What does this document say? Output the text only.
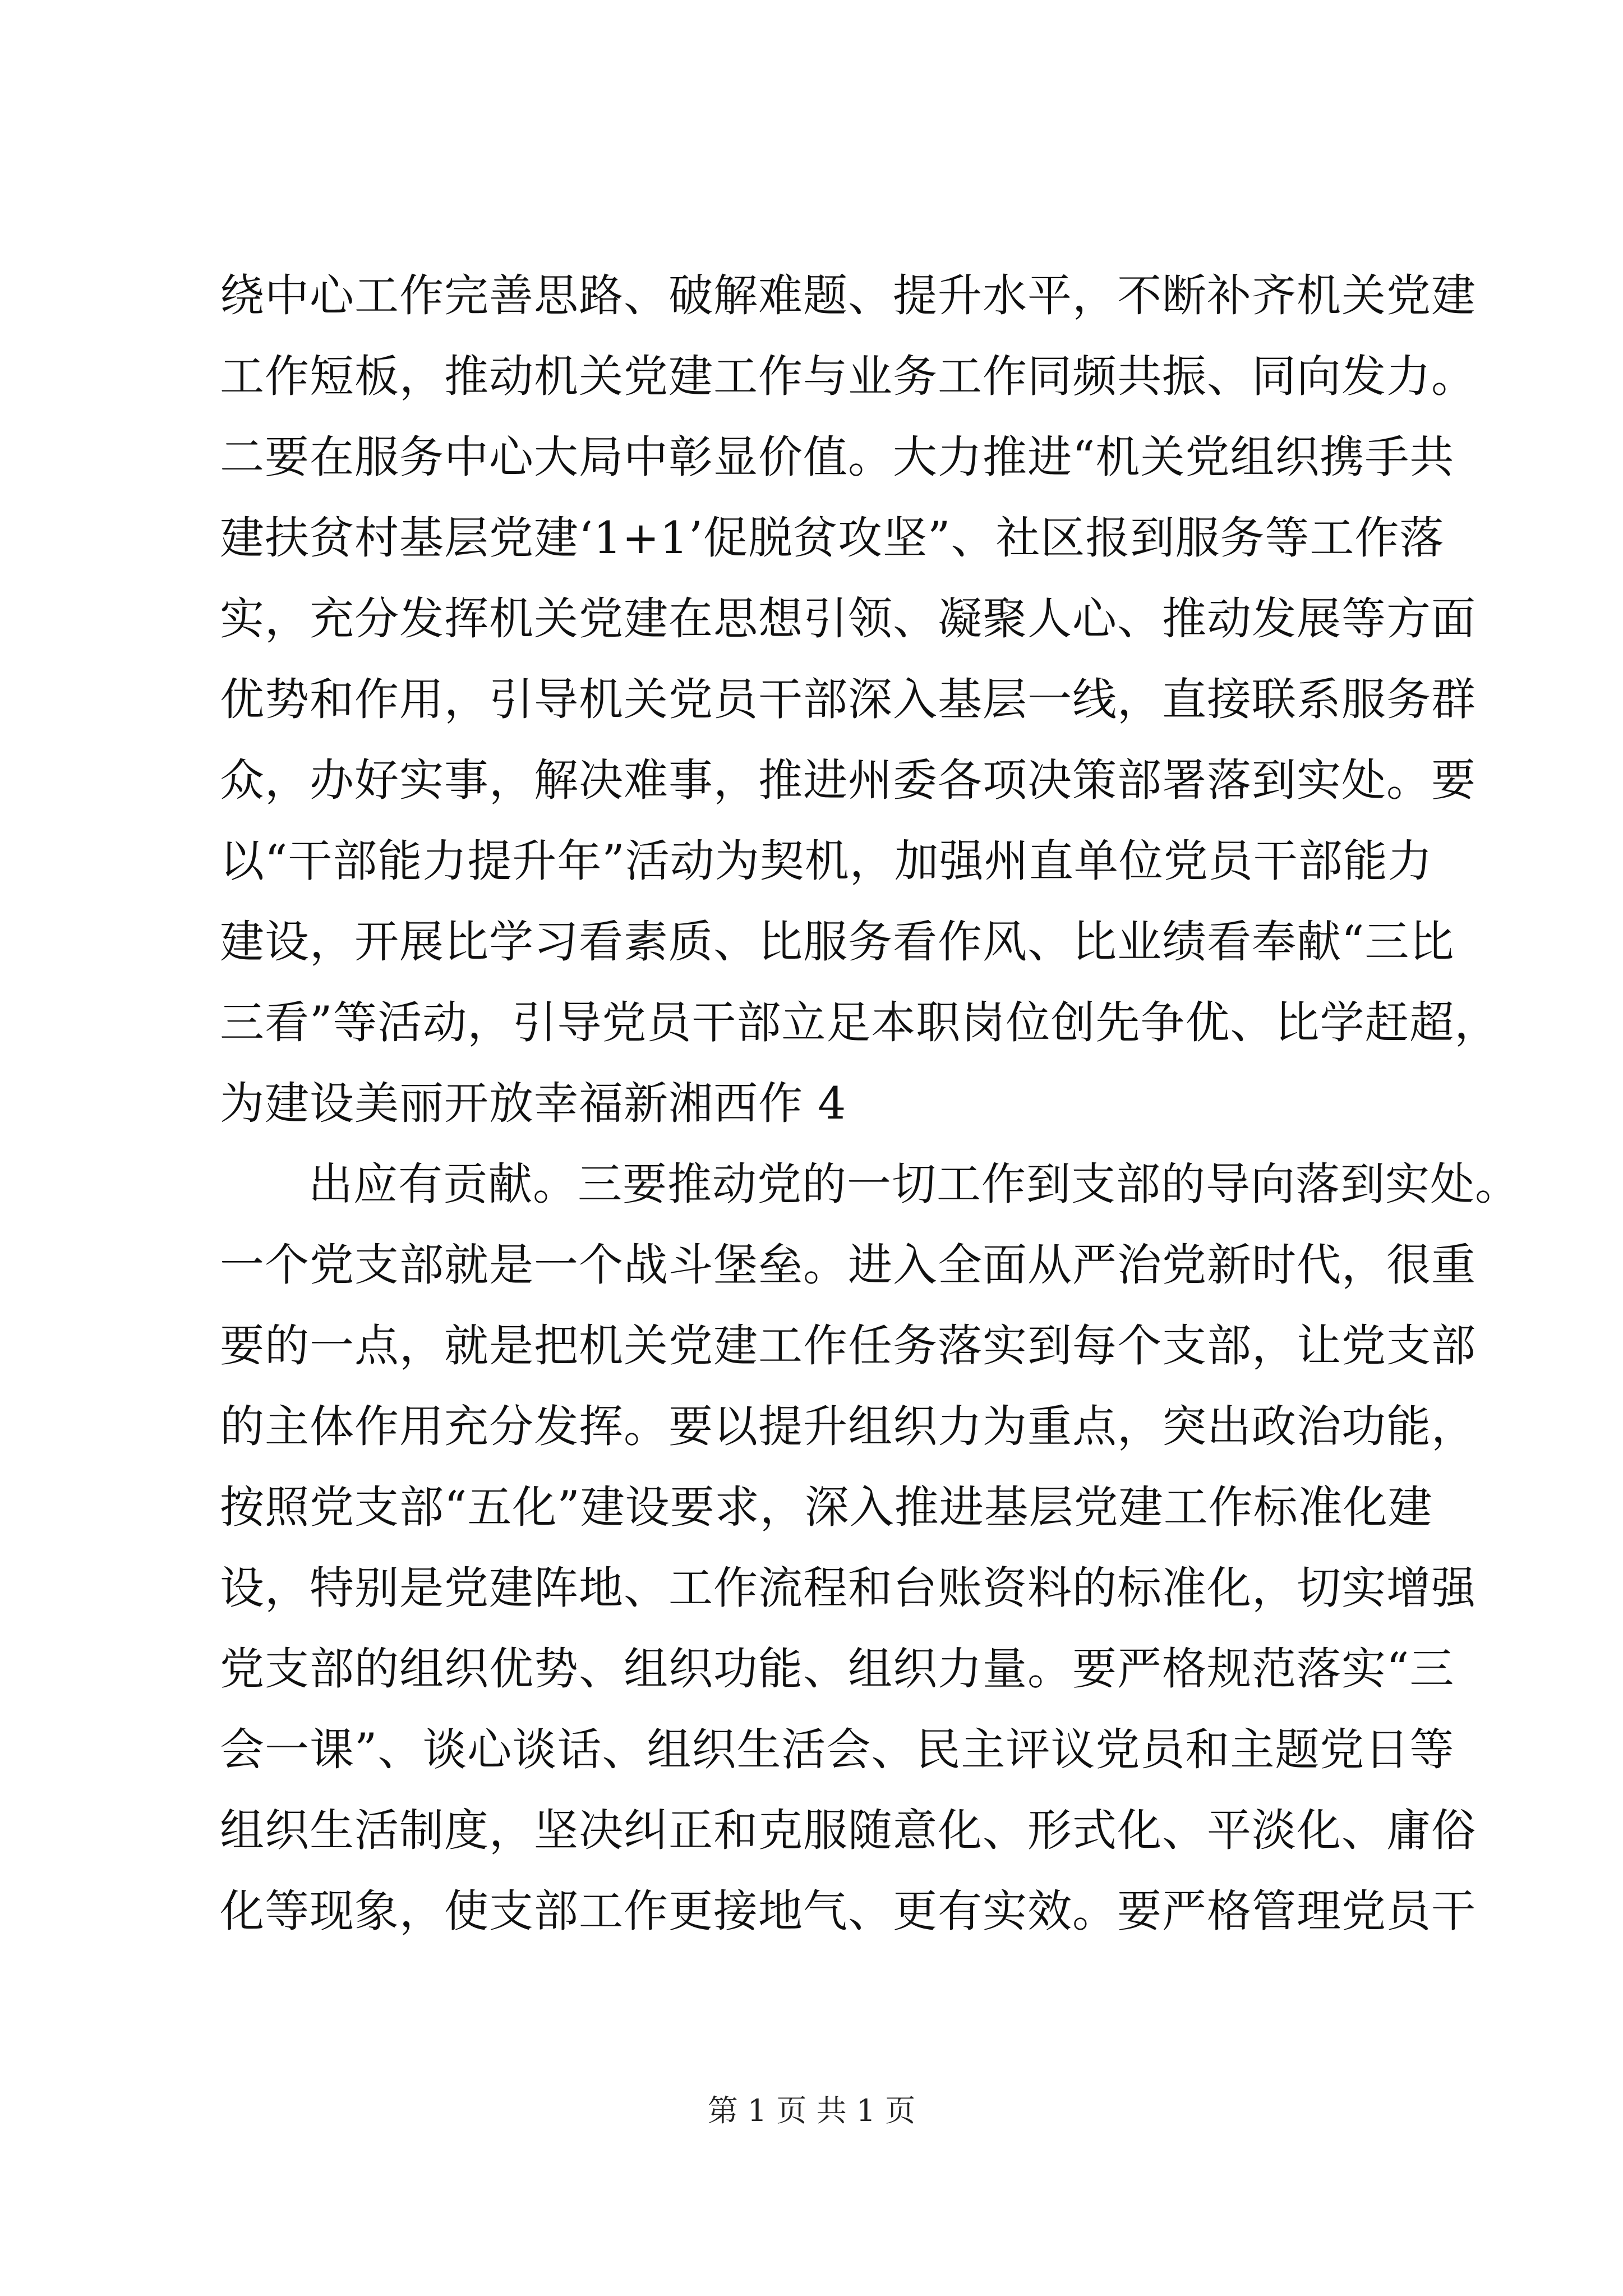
绕中心工作完善思路、破解难题、提升水平，不断补齐机关党建
工作短板，推动机关党建工作与业务工作同频共振、同向发力。
二要在服务中心大局中彰显价值。大力推进“机关党组织携手共
建扶贫村基层党建‘1+1’促脱贫攻坚”、社区报到服务等工作落
实，充分发挥机关党建在思想引领、凝聚人心、推动发展等方面
优势和作用，引导机关党员干部深入基层一线，直接联系服务群
众，办好实事，解决难事，推进州委各项决策部署落到实处。要
以“干部能力提升年”活动为契机，加强州直单位党员干部能力
建设，开展比学习看素质、比服务看作风、比业绩看奉献“三比
三看”等活动，引导党员干部立足本职岗位创先争优、比学赶超，
为建设美丽开放幸福新湘西作 4
出应有贡献。三要推动党的一切工作到支部的导向落到实处。
一个党支部就是一个战斗堡垒。进入全面从严治党新时代，很重
要的一点，就是把机关党建工作任务落实到每个支部，让党支部
的主体作用充分发挥。要以提升组织力为重点，突出政治功能，
按照党支部“五化”建设要求，深入推进基层党建工作标准化建
设，特别是党建阵地、工作流程和台账资料的标准化，切实增强
党支部的组织优势、组织功能、组织力量。要严格规范落实“三
会一课”、谈心谈话、组织生活会、民主评议党员和主题党日等
组织生活制度，坚决纠正和克服随意化、形式化、平淡化、庸俗
化等现象，使支部工作更接地气、更有实效。要严格管理党员干
第 1 页 共 1 页
